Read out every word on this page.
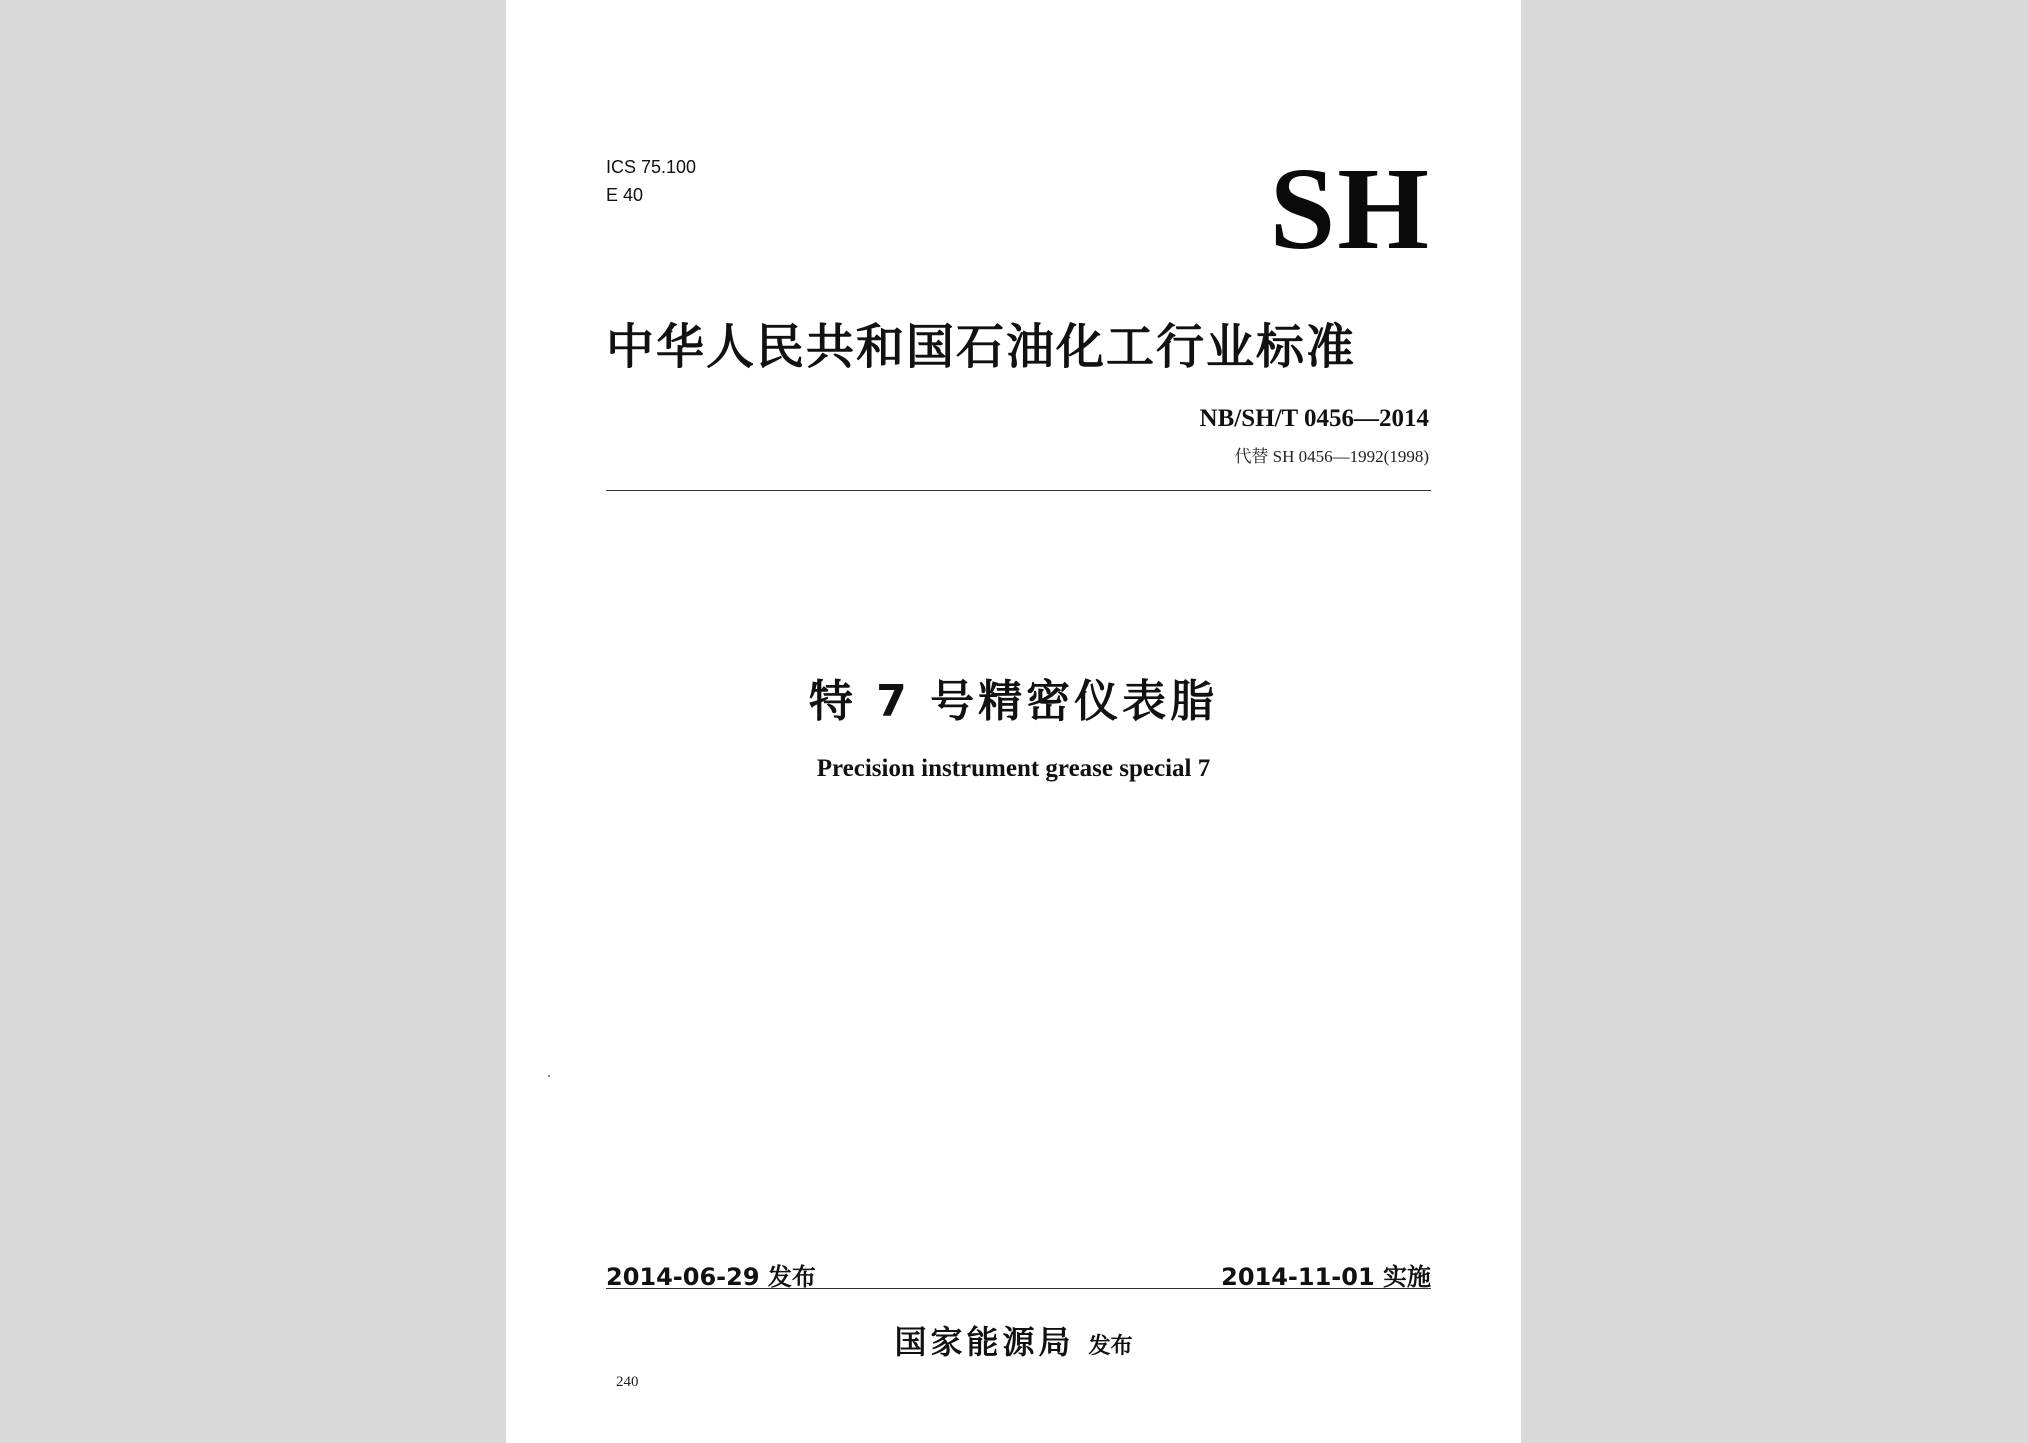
ICS 75.100
E 40	SH
中华人民共和国石油化工行业标准
NB/SH/T 0456—2014
代替 SH 0456—1992(1998)
特 7 号精密仪表脂
Precision instrument grease special 7
2014-06-29 发布	2014-11-01 实施
国家能源局 发布
240
